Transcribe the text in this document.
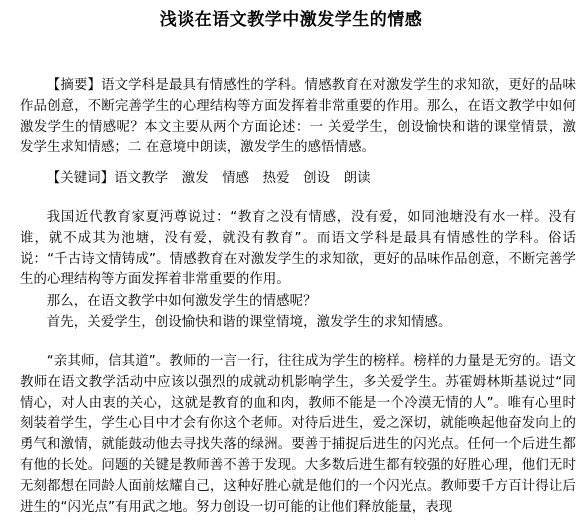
浅谈在语文教学中激发学生的情感

【摘要】语文学科是最具有情感性的学科。情感教育在对激发学生的求知欲，更好的品味作品创意，不断完善学生的心理结构等方面发挥着非常重要的作用。那么，在语文教学中如何激发学生的情感呢？本文主要从两个方面论述：一 关爱学生，创设愉快和谐的课堂情景，激发学生求知情感；二 在意境中朗读，激发学生的感悟情感。

【关键词】语文教学　激发　情感　热爱　创设　朗读

我国近代教育家夏沔尊说过：“教育之没有情感，没有爱，如同池塘没有水一样。没有谁，就不成其为池塘，没有爱，就没有教育”。而语文学科是最具有情感性的学科。俗话说：“千古诗文情铸成”。情感教育在对激发学生的求知欲，更好的品味作品创意，不断完善学生的心理结构等方面发挥着非常重要的作用。

那么，在语文教学中如何激发学生的情感呢？

首先，关爱学生，创设愉快和谐的课堂情境，激发学生的求知情感。

“亲其师，信其道”。教师的一言一行，往往成为学生的榜样。榜样的力量是无穷的。语文教师在语文教学活动中应该以强烈的成就动机影响学生，多关爱学生。苏霍姆林斯基说过“同情心，对人由衷的关心，这就是教育的血和肉，教师不能是一个冷漠无情的人”。唯有心里时刻装着学生，学生心目中才会有你这个老师。对待后进生，爱之深切，就能唤起他奋发向上的勇气和激情，就能鼓动他去寻找失落的绿洲。要善于捕捉后进生的闪光点。任何一个后进生都有他的长处。问题的关键是教师善不善于发现。大多数后进生都有较强的好胜心理，他们无时无刻都想在同龄人面前炫耀自己，这种好胜心就是他们的一个闪光点。教师要千方百计得让后进生的“闪光点”有用武之地。努力创设一切可能的让他们释放能量，表现
